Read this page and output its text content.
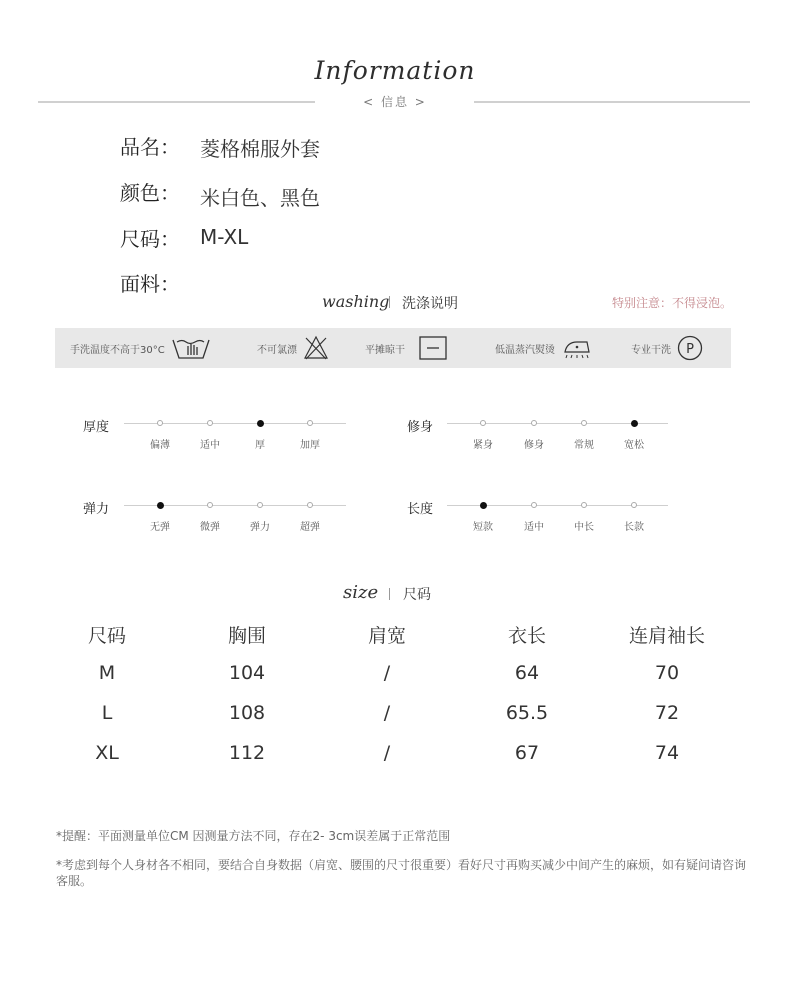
Information
< 信息 >
品名： 菱格棉服外套
颜色： 米白色、黑色
尺码： M-XL
面料：
washing 洗涤说明	特别注意：不得浸泡。
手洗温度不高于30°C	不可氯漂	平摊晾干	低温蒸汽熨烫	专业干洗 P
厚度
偏薄	适中	厚	加厚
修身
紧身	修身	常规	宽松
弹力
无弹	微弹	弹力	超弹
长度
短款	适中	中长	长款
size 尺码
尺码	胸围	肩宽	衣长	连肩袖长
M	104	/	64	70
L	108	/	65.5	72
XL	112	/	67	74
*提醒：平面测量单位CM 因测量方法不同，存在2- 3cm误差属于正常范围
*考虑到每个人身材各不相同，要结合自身数据（肩宽、腰围的尺寸很重要）看好尺寸再购买减少中间产生的麻烦，如有疑问请咨询客服。
